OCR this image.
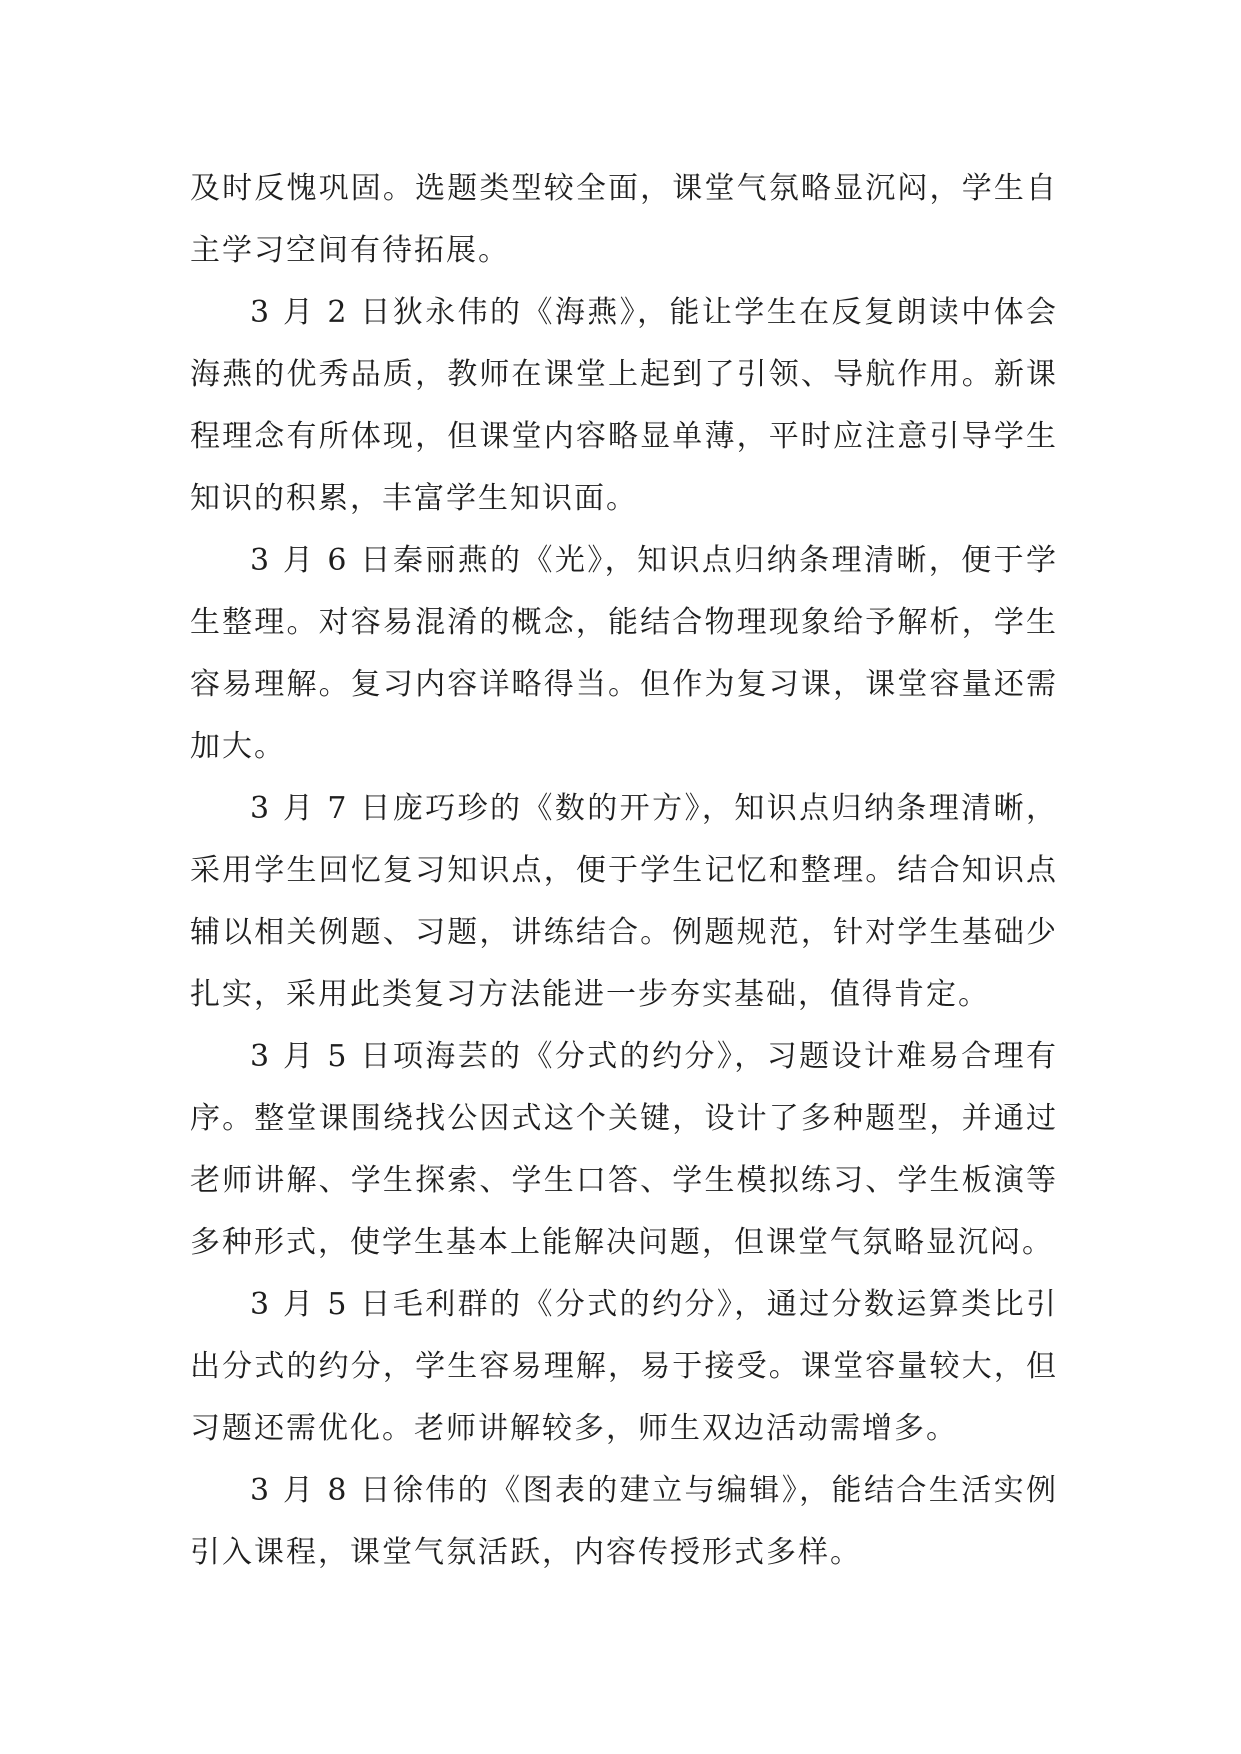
及时反愧巩固。选题类型较全面，课堂气氛略显沉闷，学生自主学习空间有待拓展。

3 月 2 日狄永伟的《海燕》，能让学生在反复朗读中体会海燕的优秀品质，教师在课堂上起到了引领、导航作用。新课程理念有所体现，但课堂内容略显单薄，平时应注意引导学生知识的积累，丰富学生知识面。

3 月 6 日秦丽燕的《光》，知识点归纳条理清晰，便于学生整理。对容易混淆的概念，能结合物理现象给予解析，学生容易理解。复习内容详略得当。但作为复习课，课堂容量还需加大。

3 月 7 日庞巧珍的《数的开方》，知识点归纳条理清晰，采用学生回忆复习知识点，便于学生记忆和整理。结合知识点辅以相关例题、习题，讲练结合。例题规范，针对学生基础少扎实，采用此类复习方法能进一步夯实基础，值得肯定。

3 月 5 日项海芸的《分式的约分》，习题设计难易合理有序。整堂课围绕找公因式这个关键，设计了多种题型，并通过老师讲解、学生探索、学生口答、学生模拟练习、学生板演等多种形式，使学生基本上能解决问题，但课堂气氛略显沉闷。

3 月 5 日毛利群的《分式的约分》，通过分数运算类比引出分式的约分，学生容易理解，易于接受。课堂容量较大，但习题还需优化。老师讲解较多，师生双边活动需增多。

3 月 8 日徐伟的《图表的建立与编辑》，能结合生活实例引入课程，课堂气氛活跃，内容传授形式多样。
